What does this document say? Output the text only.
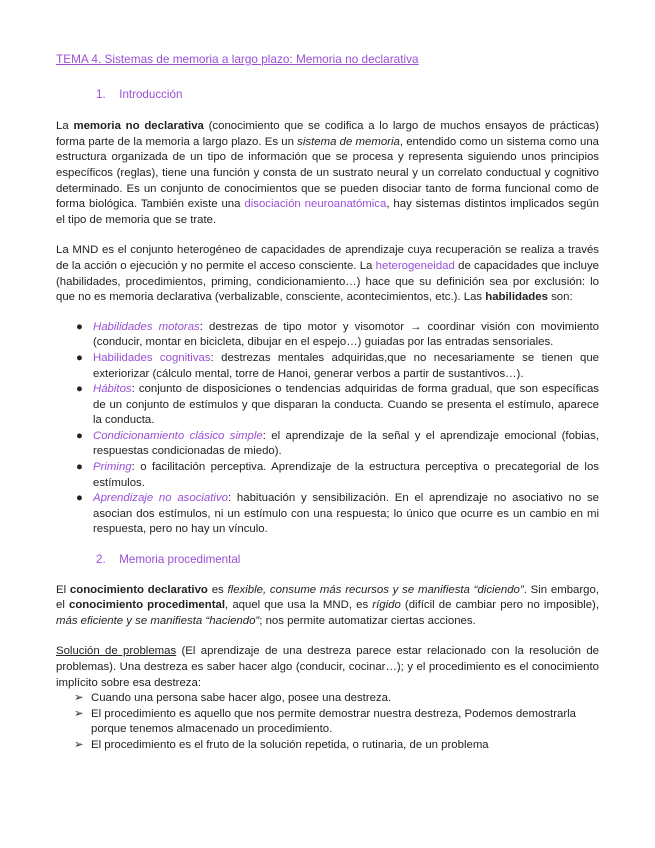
TEMA 4. Sistemas de memoria a largo plazo: Memoria no declarativa
1. Introducción

La memoria no declarativa (conocimiento que se codifica a lo largo de muchos ensayos de prácticas) forma parte de la memoria a largo plazo. Es un sistema de memoria, entendido como un sistema como una estructura organizada de un tipo de información que se procesa y representa siguiendo unos principios específicos (reglas), tiene una función y consta de un sustrato neural y un correlato conductual y cognitivo determinado. Es un conjunto de conocimientos que se pueden disociar tanto de forma funcional como de forma biológica. También existe una disociación neuroanatómica, hay sistemas distintos implicados según el tipo de memoria que se trate.

La MND es el conjunto heterogéneo de capacidades de aprendizaje cuya recuperación se realiza a través de la acción o ejecución y no permite el acceso consciente. La heterogeneidad de capacidades que incluye (habilidades, procedimientos, priming, condicionamiento…) hace que su definición sea por exclusión: lo que no es memoria declarativa (verbalizable, consciente, acontecimientos, etc.). Las habilidades son:

● Habilidades motoras: destrezas de tipo motor y visomotor → coordinar visión con movimiento (conducir, montar en bicicleta, dibujar en el espejo…) guiadas por las entradas sensoriales.
● Habilidades cognitivas: destrezas mentales adquiridas,que no necesariamente se tienen que exteriorizar (cálculo mental, torre de Hanoi, generar verbos a partir de sustantivos…).
● Hábitos: conjunto de disposiciones o tendencias adquiridas de forma gradual, que son específicas de un conjunto de estímulos y que disparan la conducta. Cuando se presenta el estímulo, aparece la conducta.
● Condicionamiento clásico simple: el aprendizaje de la señal y el aprendizaje emocional (fobias, respuestas condicionadas de miedo).
● Priming: o facilitación perceptiva. Aprendizaje de la estructura perceptiva o precategorial de los estímulos.
● Aprendizaje no asociativo: habituación y sensibilización. En el aprendizaje no asociativo no se asocian dos estímulos, ni un estímulo con una respuesta; lo único que ocurre es un cambio en mi respuesta, pero no hay un vínculo.
2. Memoria procedimental

El conocimiento declarativo es flexible, consume más recursos y se manifiesta “diciendo”. Sin embargo, el conocimiento procedimental, aquel que usa la MND, es rígido (difícil de cambiar pero no imposible), más eficiente y se manifiesta “haciendo”; nos permite automatizar ciertas acciones.

Solución de problemas (El aprendizaje de una destreza parece estar relacionado con la resolución de problemas). Una destreza es saber hacer algo (conducir, cocinar…); y el procedimiento es el conocimiento implícito sobre esa destreza:

➢ Cuando una persona sabe hacer algo, posee una destreza.
➢ El procedimiento es aquello que nos permite demostrar nuestra destreza, Podemos demostrarla porque tenemos almacenado un procedimiento.
➢ El procedimiento es el fruto de la solución repetida, o rutinaria, de un problema
